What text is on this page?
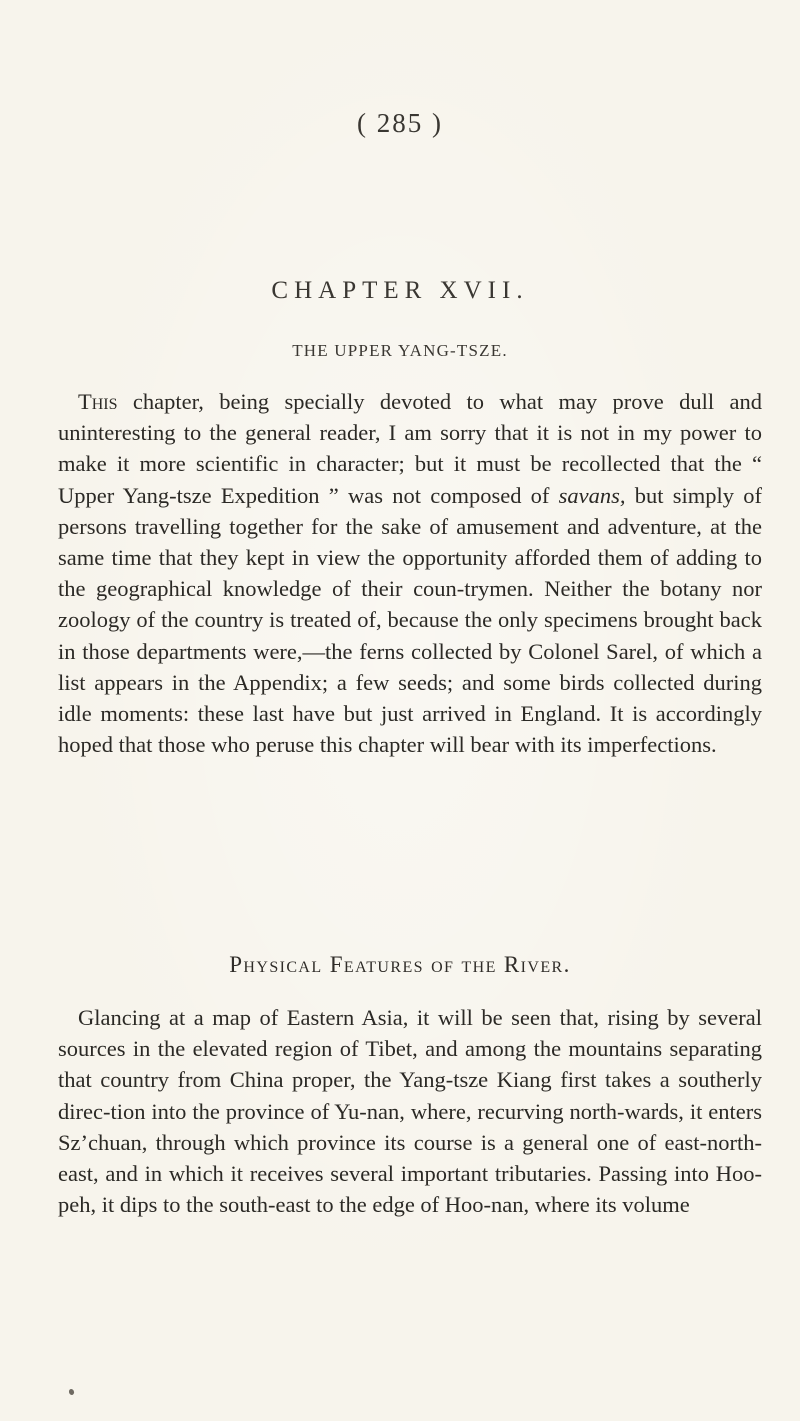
( 285 )
CHAPTER XVII.
THE UPPER YANG-TSZE.
This chapter, being specially devoted to what may prove dull and uninteresting to the general reader, I am sorry that it is not in my power to make it more scientific in character; but it must be recollected that the “ Upper Yang-tsze Expedition ” was not composed of savans, but simply of persons travelling together for the sake of amusement and adventure, at the same time that they kept in view the opportunity afforded them of adding to the geographical knowledge of their coun-trymen. Neither the botany nor zoology of the country is treated of, because the only specimens brought back in those departments were,—the ferns collected by Colonel Sarel, of which a list appears in the Appendix; a few seeds; and some birds collected during idle moments: these last have but just arrived in England. It is accordingly hoped that those who peruse this chapter will bear with its imperfections.
Physical Features of the River.
Glancing at a map of Eastern Asia, it will be seen that, rising by several sources in the elevated region of Tibet, and among the mountains separating that country from China proper, the Yang-tsze Kiang first takes a southerly direc-tion into the province of Yu-nan, where, recurving north-wards, it enters Sz’chuan, through which province its course is a general one of east-north-east, and in which it receives several important tributaries. Passing into Hoo-peh, it dips to the south-east to the edge of Hoo-nan, where its volume
